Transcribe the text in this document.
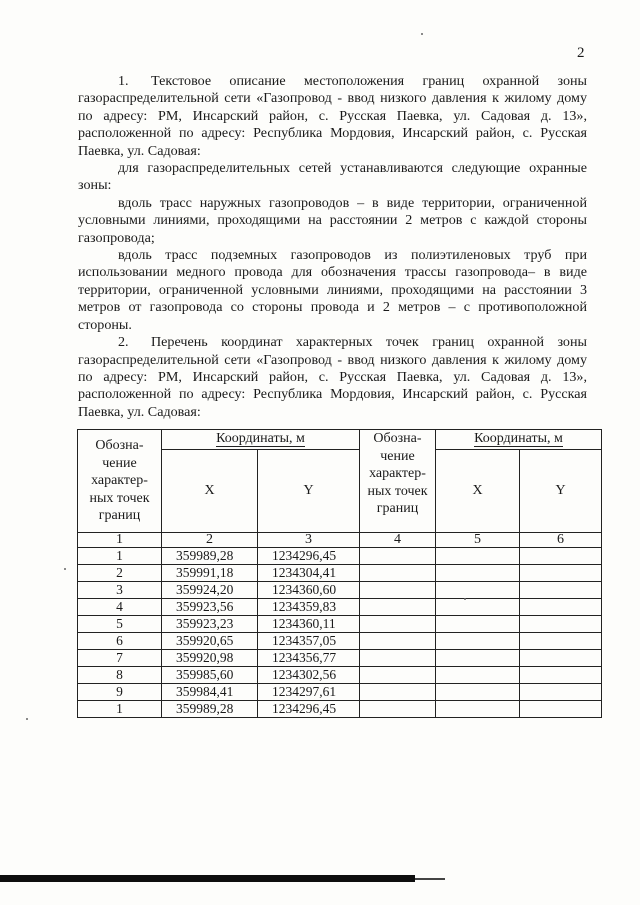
2

1. Текстовое описание местоположения границ охранной зоны газораспределительной сети «Газопровод - ввод низкого давления к жилому дому по адресу: РМ, Инсарский район, с. Русская Паевка, ул. Садовая д. 13», расположенной по адресу: Республика Мордовия, Инсарский район, с. Русская Паевка, ул. Садовая:

для газораспределительных сетей устанавливаются следующие охранные зоны:

вдоль трасс наружных газопроводов – в виде территории, ограниченной условными линиями, проходящими на расстоянии 2 метров с каждой стороны газопровода;

вдоль трасс подземных газопроводов из полиэтиленовых труб при использовании медного провода для обозначения трассы газопровода– в виде территории, ограниченной условными линиями, проходящими на расстоянии 3 метров от газопровода со стороны провода и 2 метров – с противоположной стороны.

2. Перечень координат характерных точек границ охранной зоны газораспределительной сети «Газопровод - ввод низкого давления к жилому дому по адресу: РМ, Инсарский район, с. Русская Паевка, ул. Садовая д. 13», расположенной по адресу: Республика Мордовия, Инсарский район, с. Русская Паевка, ул. Садовая:

Обозна-чение характер-ных точек границ	Координаты, м		Обозна-чение характер-ных точек границ	Координаты, м	
	X	Y		X	Y
1	2	3	4	5	6
1	359989,28	1234296,45			
2	359991,18	1234304,41			
3	359924,20	1234360,60			
4	359923,56	1234359,83			
5	359923,23	1234360,11			
6	359920,65	1234357,05			
7	359920,98	1234356,77			
8	359985,60	1234302,56			
9	359984,41	1234297,61			
1	359989,28	1234296,45			
